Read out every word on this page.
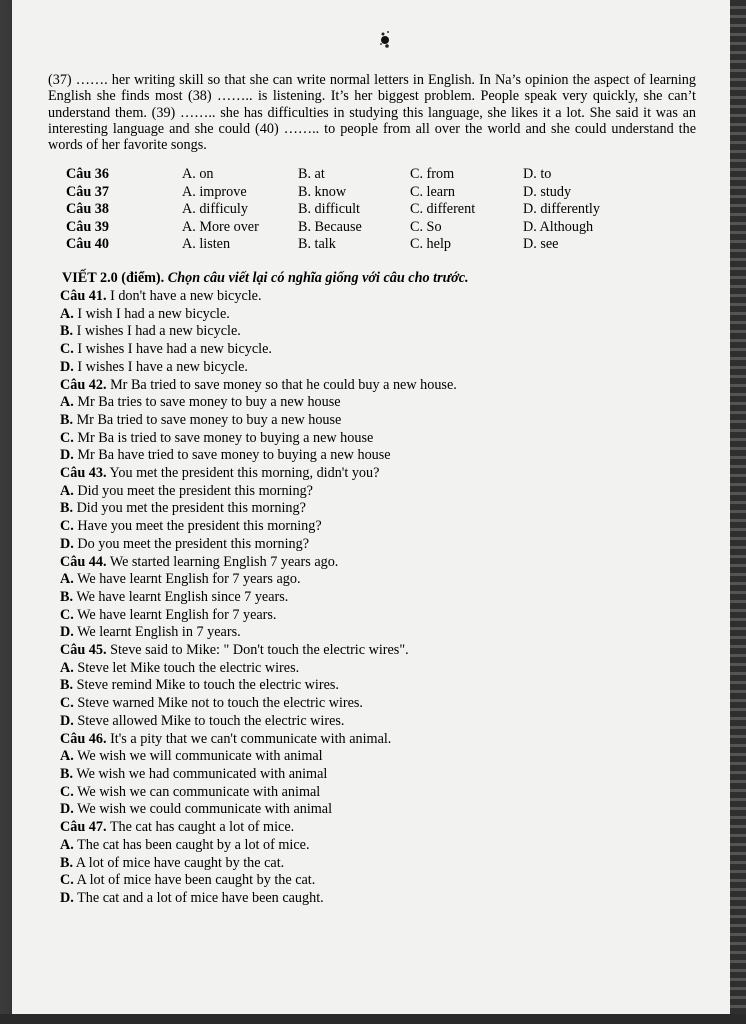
(37) ……. her writing skill so that she can write normal letters in English. In Na’s opinion the aspect of learning English she finds most (38) …….. is listening. It’s her biggest problem. People speak very quickly, she can’t understand them. (39) …….. she has difficulties in studying this language, she likes it a lot. She said it was an interesting language and she could (40) …….. to people from all over the world and she could understand the words of her favorite songs.

Câu 36	A. on	B. at	C. from	D. to
Câu 37	A. improve	B. know	C. learn	D. study
Câu 38	A. difficuly	B. difficult	C. different	D. differently
Câu 39	A. More over	B. Because	C. So	D. Although
Câu 40	A. listen	B. talk	C. help	D. see
VIẾT 2.0 (điểm). Chọn câu viết lại có nghĩa giống với câu cho trước.
Câu 41. I don't have a new bicycle.
A. I wish I had a new bicycle.
B. I wishes I had a new bicycle.
C. I wishes I have had a new bicycle.
D. I wishes I have a new bicycle.
Câu 42. Mr Ba tried to save money so that he could buy a new house.
A. Mr Ba tries to save money to buy a new house
B. Mr Ba tried to save money to buy a new house
C. Mr Ba is tried to save money to buying a new house
D. Mr Ba have tried to save money to buying a new house
Câu 43. You met the president this morning, didn't you?
A. Did you meet the president this morning?
B. Did you met the president this morning?
C. Have you meet the president this morning?
D. Do you meet the president this morning?
Câu 44. We started learning English 7 years ago.
A. We have learnt English for 7 years ago.
B. We have learnt English since 7 years.
C. We have learnt English for 7 years.
D. We learnt English in 7 years.
Câu 45. Steve said to Mike: " Don't touch the electric wires".
A. Steve let Mike touch the electric wires.
B. Steve remind Mike to touch the electric wires.
C. Steve warned Mike not to touch the electric wires.
D. Steve allowed Mike to touch the electric wires.
Câu 46. It's a pity that we can't communicate with animal.
A. We wish we will communicate with animal
B. We wish we had communicated with animal
C. We wish we can communicate with animal
D. We wish we could communicate with animal
Câu 47. The cat has caught a lot of mice.
A. The cat has been caught by a lot of mice.
B. A lot of mice have caught by the cat.
C. A lot of mice have been caught by the cat.
D. The cat and a lot of mice have been caught.
